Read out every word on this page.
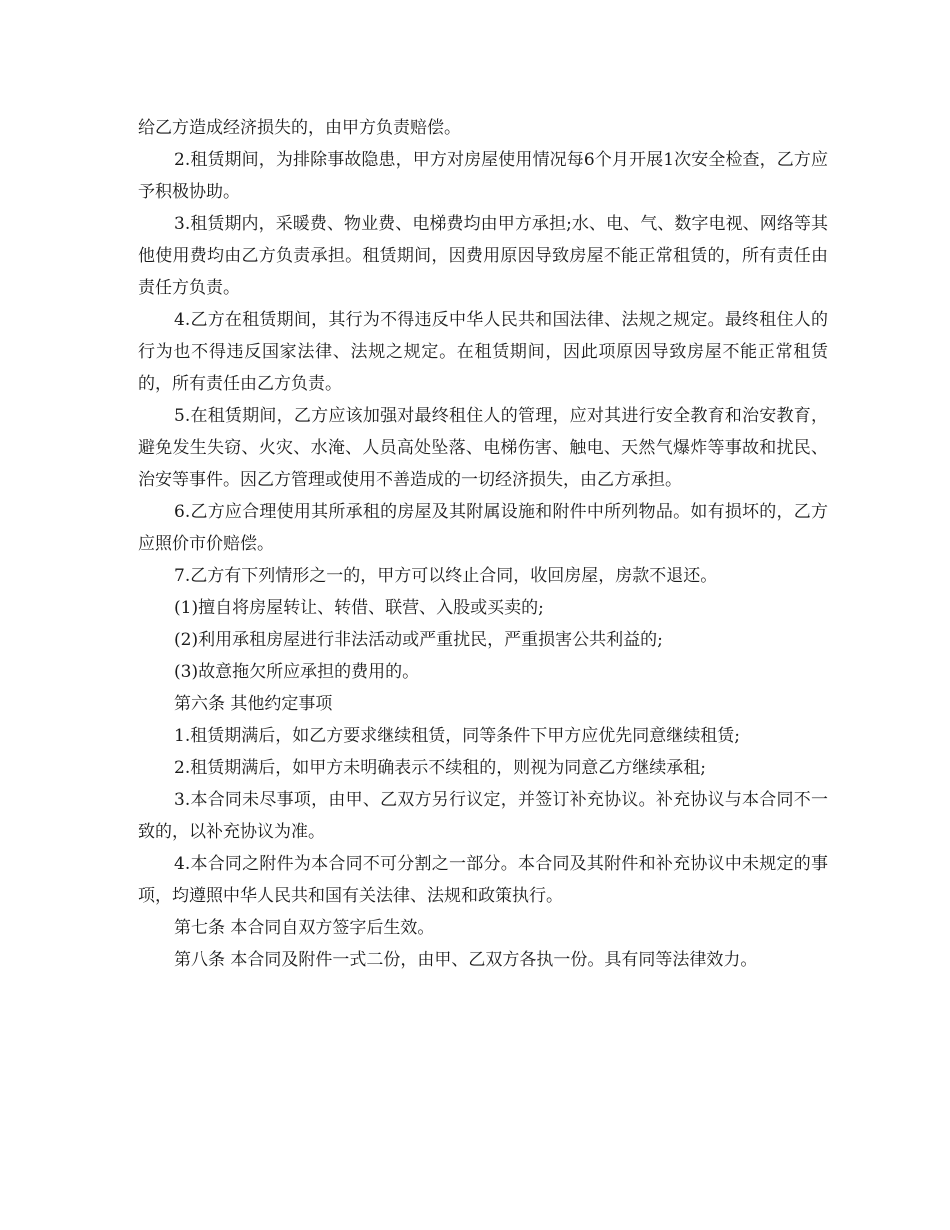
给乙方造成经济损失的，由甲方负责赔偿。

2.租赁期间，为排除事故隐患，甲方对房屋使用情况每6个月开展1次安全检查，乙方应予积极协助。

3.租赁期内，采暖费、物业费、电梯费均由甲方承担;水、电、气、数字电视、网络等其他使用费均由乙方负责承担。租赁期间，因费用原因导致房屋不能正常租赁的，所有责任由责任方负责。

4.乙方在租赁期间，其行为不得违反中华人民共和国法律、法规之规定。最终租住人的行为也不得违反国家法律、法规之规定。在租赁期间，因此项原因导致房屋不能正常租赁的，所有责任由乙方负责。

5.在租赁期间，乙方应该加强对最终租住人的管理，应对其进行安全教育和治安教育，避免发生失窃、火灾、水淹、人员高处坠落、电梯伤害、触电、天然气爆炸等事故和扰民、治安等事件。因乙方管理或使用不善造成的一切经济损失，由乙方承担。

6.乙方应合理使用其所承租的房屋及其附属设施和附件中所列物品。如有损坏的，乙方应照价市价赔偿。

7.乙方有下列情形之一的，甲方可以终止合同，收回房屋，房款不退还。

(1)擅自将房屋转让、转借、联营、入股或买卖的;

(2)利用承租房屋进行非法活动或严重扰民，严重损害公共利益的;

(3)故意拖欠所应承担的费用的。

第六条 其他约定事项

1.租赁期满后，如乙方要求继续租赁，同等条件下甲方应优先同意继续租赁;

2.租赁期满后，如甲方未明确表示不续租的，则视为同意乙方继续承租;

3.本合同未尽事项，由甲、乙双方另行议定，并签订补充协议。补充协议与本合同不一致的，以补充协议为准。

4.本合同之附件为本合同不可分割之一部分。本合同及其附件和补充协议中未规定的事项，均遵照中华人民共和国有关法律、法规和政策执行。

第七条 本合同自双方签字后生效。

第八条 本合同及附件一式二份，由甲、乙双方各执一份。具有同等法律效力。
